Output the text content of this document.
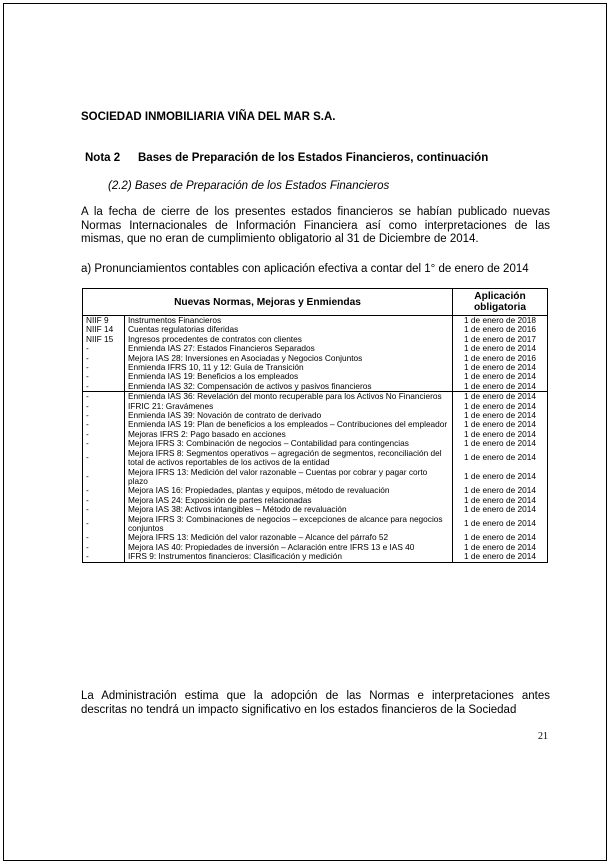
SOCIEDAD INMOBILIARIA VIÑA DEL MAR S.A.
Nota 2 Bases de Preparación de los Estados Financieros, continuación
(2.2) Bases de Preparación de los Estados Financieros
A la fecha de cierre de los presentes estados financieros se habían publicado nuevas
Normas Internacionales de Información Financiera así como interpretaciones de las
mismas, que no eran de cumplimiento obligatorio al 31 de Diciembre de 2014.
a) Pronunciamientos contables con aplicación efectiva a contar del 1° de enero de 2014
Nuevas Normas, Mejoras y Enmiendas		Aplicación obligatoria
NIIF 9	Instrumentos Financieros	1 de enero de 2018
NIIF 14	Cuentas regulatorias diferidas	1 de enero de 2016
NIIF 15	Ingresos procedentes de contratos con clientes	1 de enero de 2017
-	Enmienda IAS 27: Estados Financieros Separados	1 de enero de 2014
-	Mejora IAS 28: Inversiones en Asociadas y Negocios Conjuntos	1 de enero de 2016
-	Enmienda IFRS 10, 11 y 12: Guía de Transición	1 de enero de 2014
-	Enmienda IAS 19: Beneficios a los empleados	1 de enero de 2014
-	Enmienda IAS 32: Compensación de activos y pasivos financieros	1 de enero de 2014
-	Enmienda IAS 36: Revelación del monto recuperable para los Activos No Financieros	1 de enero de 2014
-	IFRIC 21: Gravámenes	1 de enero de 2014
-	Enmienda IAS 39: Novación de contrato de derivado	1 de enero de 2014
-	Enmienda IAS 19: Plan de beneficios a los empleados – Contribuciones del empleador	1 de enero de 2014
-	Mejoras IFRS 2: Pago basado en acciones	1 de enero de 2014
-	Mejora IFRS 3: Combinación de negocios – Contabilidad para contingencias	1 de enero de 2014
-	Mejora IFRS 8: Segmentos operativos – agregación de segmentos, reconciliación del total de activos reportables de los activos de la entidad	1 de enero de 2014
-	Mejora IFRS 13: Medición del valor razonable – Cuentas por cobrar y pagar corto plazo	1 de enero de 2014
-	Mejora IAS 16: Propiedades, plantas y equipos, método de revaluación	1 de enero de 2014
-	Mejora IAS 24: Exposición de partes relacionadas	1 de enero de 2014
-	Mejora IAS 38: Activos intangibles – Método de revaluación	1 de enero de 2014
-	Mejora IFRS 3: Combinaciones de negocios – excepciones de alcance para negocios conjuntos	1 de enero de 2014
-	Mejora IFRS 13: Medición del valor razonable – Alcance del párrafo 52	1 de enero de 2014
-	Mejora IAS 40: Propiedades de inversión – Aclaración entre IFRS 13 e IAS 40	1 de enero de 2014
-	IFRS 9: Instrumentos financieros: Clasificación y medición	1 de enero de 2014
La Administración estima que la adopción de las Normas e interpretaciones antes
descritas no tendrá un impacto significativo en los estados financieros de la Sociedad
21
